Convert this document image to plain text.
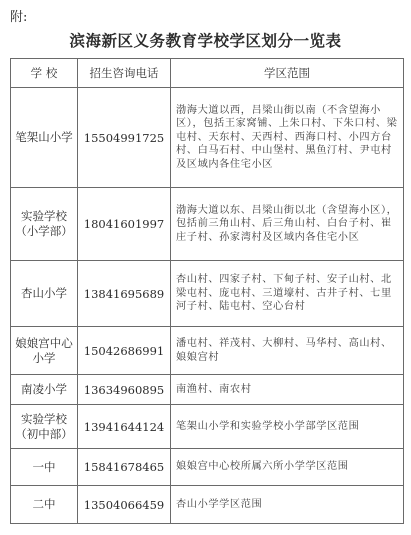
附:
滨海新区义务教育学校学区划分一览表
学 校	招生咨询电话	学区范围
笔架山小学	15504991725	渤海大道以西，吕梁山街以南（不含望海小区），包括王家窝铺、上朱口村、下朱口村、梁屯村、天东村、天西村、西海口村、小四方台村、白马石村、中山堡村、黑鱼汀村、尹屯村及区域内各住宅小区
实验学校（小学部）	18041601997	渤海大道以东、吕梁山街以北（含望海小区），包括前三角山村、后三角山村、白台子村、崔庄子村、孙家湾村及区域内各住宅小区
杏山小学	13841695689	杏山村、四家子村、下甸子村、安子山村、北梁屯村、庞屯村、三道壕村、古井子村、七里河子村、陆屯村、空心台村
娘娘宫中心小学	15042686991	潘屯村、祥茂村、大柳村、马华村、高山村、娘娘宫村
南凌小学	13634960895	南渔村、南农村
实验学校（初中部）	13941644124	笔架山小学和实验学校小学部学区范围
一中	15841678465	娘娘宫中心校所属六所小学学区范围
二中	13504066459	杏山小学学区范围
